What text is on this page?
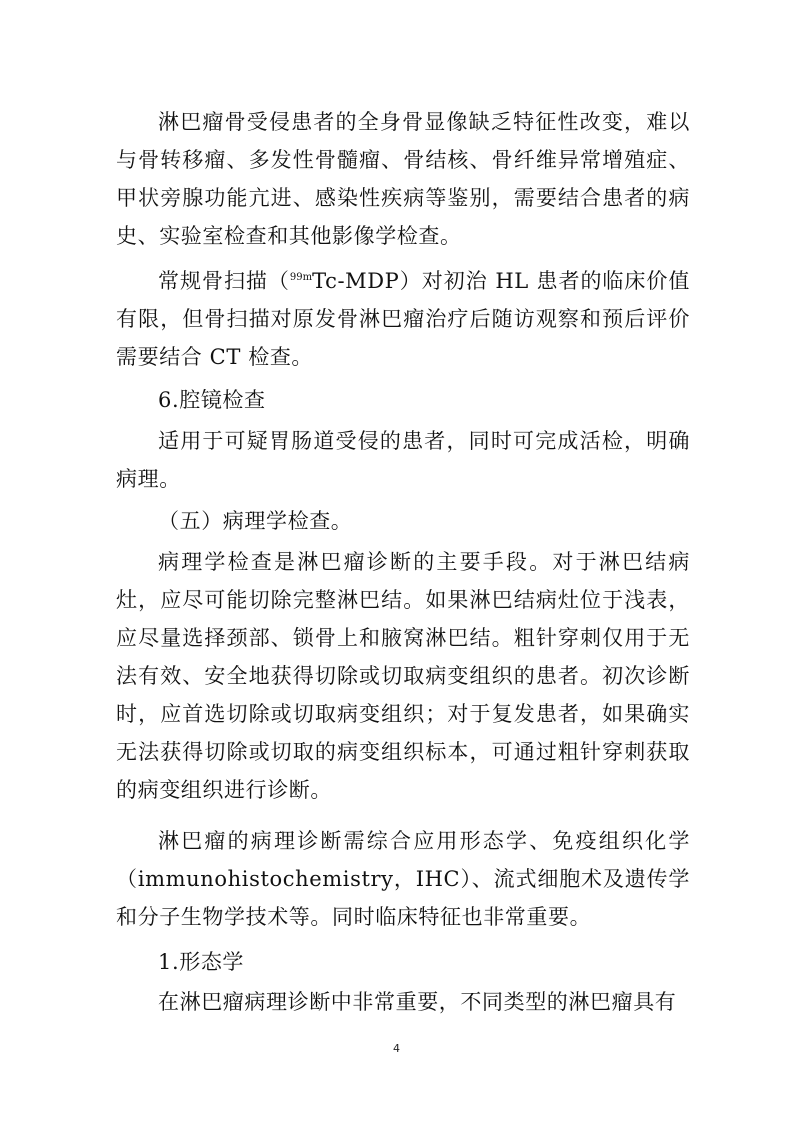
淋巴瘤骨受侵患者的全身骨显像缺乏特征性改变，难以与骨转移瘤、多发性骨髓瘤、骨结核、骨纤维异常增殖症、甲状旁腺功能亢进、感染性疾病等鉴别，需要结合患者的病史、实验室检查和其他影像学检查。

常规骨扫描（$^{99m}$Tc-MDP）对初治 HL 患者的临床价值有限，但骨扫描对原发骨淋巴瘤治疗后随访观察和预后评价需要结合 CT 检查。

6.腔镜检查

适用于可疑胃肠道受侵的患者，同时可完成活检，明确病理。

（五）病理学检查。

病理学检查是淋巴瘤诊断的主要手段。对于淋巴结病灶，应尽可能切除完整淋巴结。如果淋巴结病灶位于浅表，应尽量选择颈部、锁骨上和腋窝淋巴结。粗针穿刺仅用于无法有效、安全地获得切除或切取病变组织的患者。初次诊断时，应首选切除或切取病变组织；对于复发患者，如果确实无法获得切除或切取的病变组织标本，可通过粗针穿刺获取的病变组织进行诊断。

淋巴瘤的病理诊断需综合应用形态学、免疫组织化学（immunohistochemistry，IHC）、流式细胞术及遗传学和分子生物学技术等。同时临床特征也非常重要。

1.形态学

在淋巴瘤病理诊断中非常重要，不同类型的淋巴瘤具有

4
